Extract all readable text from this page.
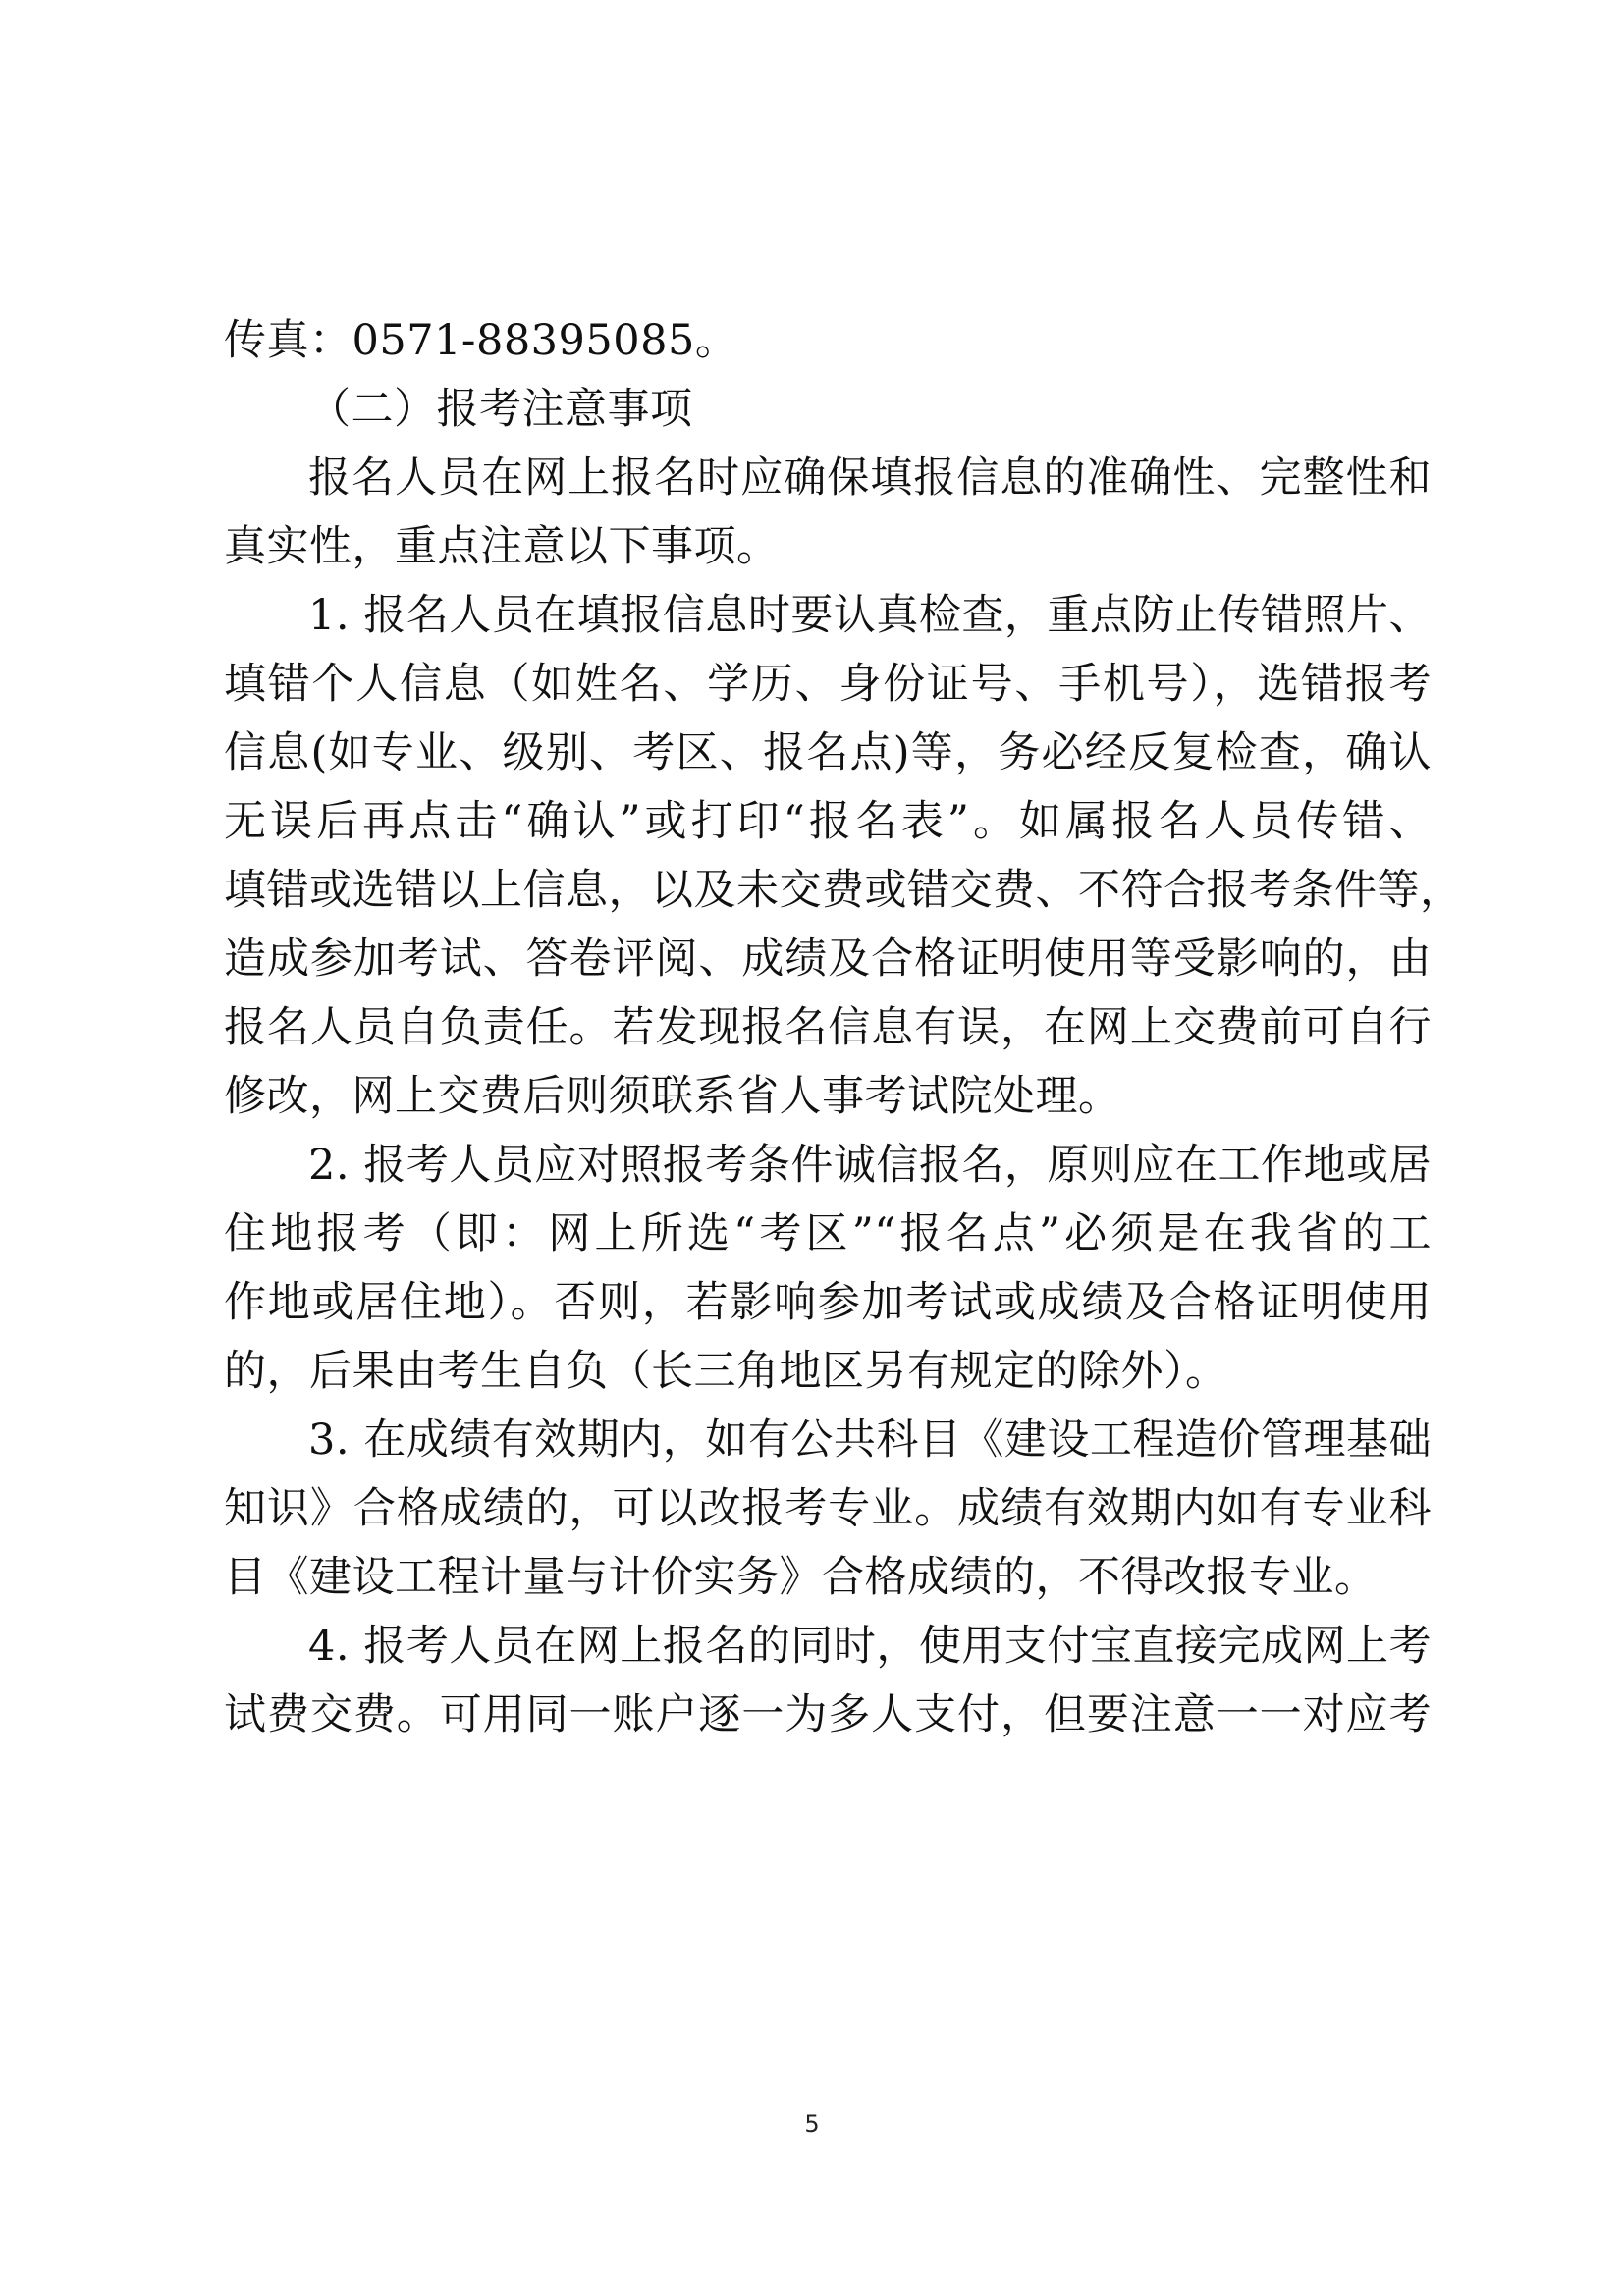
传真：0571-88395085。
（二）报考注意事项
报名人员在网上报名时应确保填报信息的准确性、完整性和
真实性，重点注意以下事项。
1. 报名人员在填报信息时要认真检查，重点防止传错照片、
填错个人信息（如姓名、学历、身份证号、手机号），选错报考
信息(如专业、级别、考区、报名点)等，务必经反复检查，确认
无误后再点击“确认”或打印“报名表”。如属报名人员传错、
填错或选错以上信息，以及未交费或错交费、不符合报考条件等，
造成参加考试、答卷评阅、成绩及合格证明使用等受影响的，由
报名人员自负责任。若发现报名信息有误，在网上交费前可自行
修改，网上交费后则须联系省人事考试院处理。
2. 报考人员应对照报考条件诚信报名，原则应在工作地或居
住地报考（即：网上所选“考区”“报名点”必须是在我省的工
作地或居住地）。否则，若影响参加考试或成绩及合格证明使用
的，后果由考生自负（长三角地区另有规定的除外）。
3. 在成绩有效期内，如有公共科目《建设工程造价管理基础
知识》合格成绩的，可以改报考专业。成绩有效期内如有专业科
目《建设工程计量与计价实务》合格成绩的，不得改报专业。
4. 报考人员在网上报名的同时，使用支付宝直接完成网上考
试费交费。可用同一账户逐一为多人支付，但要注意一一对应考
5
